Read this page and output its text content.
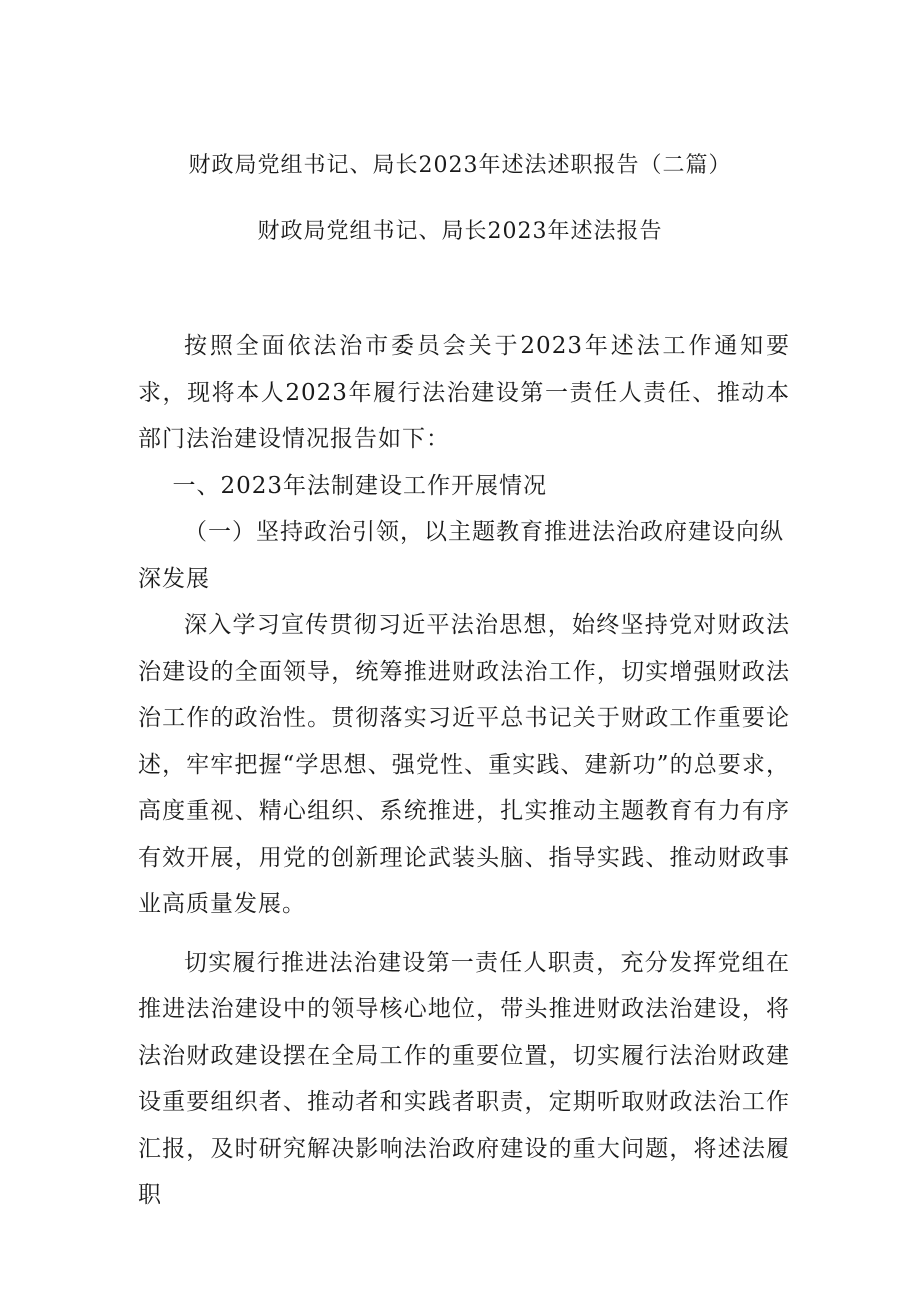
财政局党组书记、局长2023年述法述职报告（二篇）
财政局党组书记、局长2023年述法报告

按照全面依法治市委员会关于2023年述法工作通知要求，现将本人2023年履行法治建设第一责任人责任、推动本部门法治建设情况报告如下：

一、2023年法制建设工作开展情况

（一）坚持政治引领，以主题教育推进法治政府建设向纵深发展

深入学习宣传贯彻习近平法治思想，始终坚持党对财政法治建设的全面领导，统筹推进财政法治工作，切实增强财政法治工作的政治性。贯彻落实习近平总书记关于财政工作重要论述，牢牢把握“学思想、强党性、重实践、建新功”的总要求，高度重视、精心组织、系统推进，扎实推动主题教育有力有序有效开展，用党的创新理论武装头脑、指导实践、推动财政事业高质量发展。

切实履行推进法治建设第一责任人职责，充分发挥党组在推进法治建设中的领导核心地位，带头推进财政法治建设，将法治财政建设摆在全局工作的重要位置，切实履行法治财政建设重要组织者、推动者和实践者职责，定期听取财政法治工作汇报，及时研究解决影响法治政府建设的重大问题，将述法履职
